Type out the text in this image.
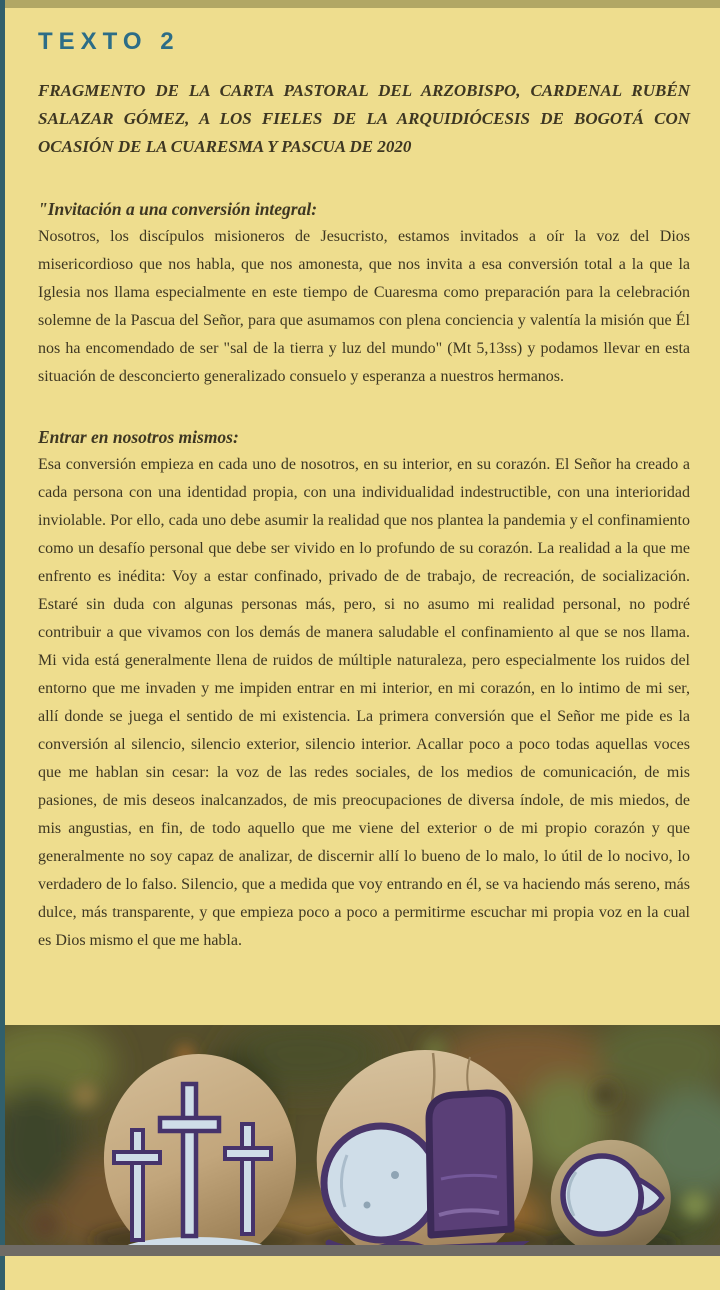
TEXTO 2

FRAGMENTO DE LA CARTA PASTORAL DEL ARZOBISPO, CARDENAL RUBÉN SALAZAR GÓMEZ, A LOS FIELES DE LA ARQUIDIÓCESIS DE BOGOTÁ CON OCASIÓN DE LA CUARESMA Y PASCUA DE 2020

"Invitación a una conversión integral:

Nosotros, los discípulos misioneros de Jesucristo, estamos invitados a oír la voz del Dios misericordioso que nos habla, que nos amonesta, que nos invita a esa conversión total a la que la Iglesia nos llama especialmente en este tiempo de Cuaresma como preparación para la celebración solemne de la Pascua del Señor, para que asumamos con plena conciencia y valentía la misión que Él nos ha encomendado de ser "sal de la tierra y luz del mundo" (Mt 5,13ss) y podamos llevar en esta situación de desconcierto generalizado consuelo y esperanza a nuestros hermanos.

Entrar en nosotros mismos:

Esa conversión empieza en cada uno de nosotros, en su interior, en su corazón. El Señor ha creado a cada persona con una identidad propia, con una individualidad indestructible, con una interioridad inviolable. Por ello, cada uno debe asumir la realidad que nos plantea la pandemia y el confinamiento como un desafío personal que debe ser vivido en lo profundo de su corazón. La realidad a la que me enfrento es inédita: Voy a estar confinado, privado de de trabajo, de recreación, de socialización. Estaré sin duda con algunas personas más, pero, si no asumo mi realidad personal, no podré contribuir a que vivamos con los demás de manera saludable el confinamiento al que se nos llama. Mi vida está generalmente llena de ruidos de múltiple naturaleza, pero especialmente los ruidos del entorno que me invaden y me impiden entrar en mi interior, en mi corazón, en lo intimo de mi ser, allí donde se juega el sentido de mi existencia. La primera conversión que el Señor me pide es la conversión al silencio, silencio exterior, silencio interior. Acallar poco a poco todas aquellas voces que me hablan sin cesar: la voz de las redes sociales, de los medios de comunicación, de mis pasiones, de mis deseos inalcanzados, de mis preocupaciones de diversa índole, de mis miedos, de mis angustias, en fin, de todo aquello que me viene del exterior o de mi propio corazón y que generalmente no soy capaz de analizar, de discernir allí lo bueno de lo malo, lo útil de lo nocivo, lo verdadero de lo falso. Silencio, que a medida que voy entrando en él, se va haciendo más sereno, más dulce, más transparente, y que empieza poco a poco a permitirme escuchar mi propia voz en la cual es Dios mismo el que me habla.
